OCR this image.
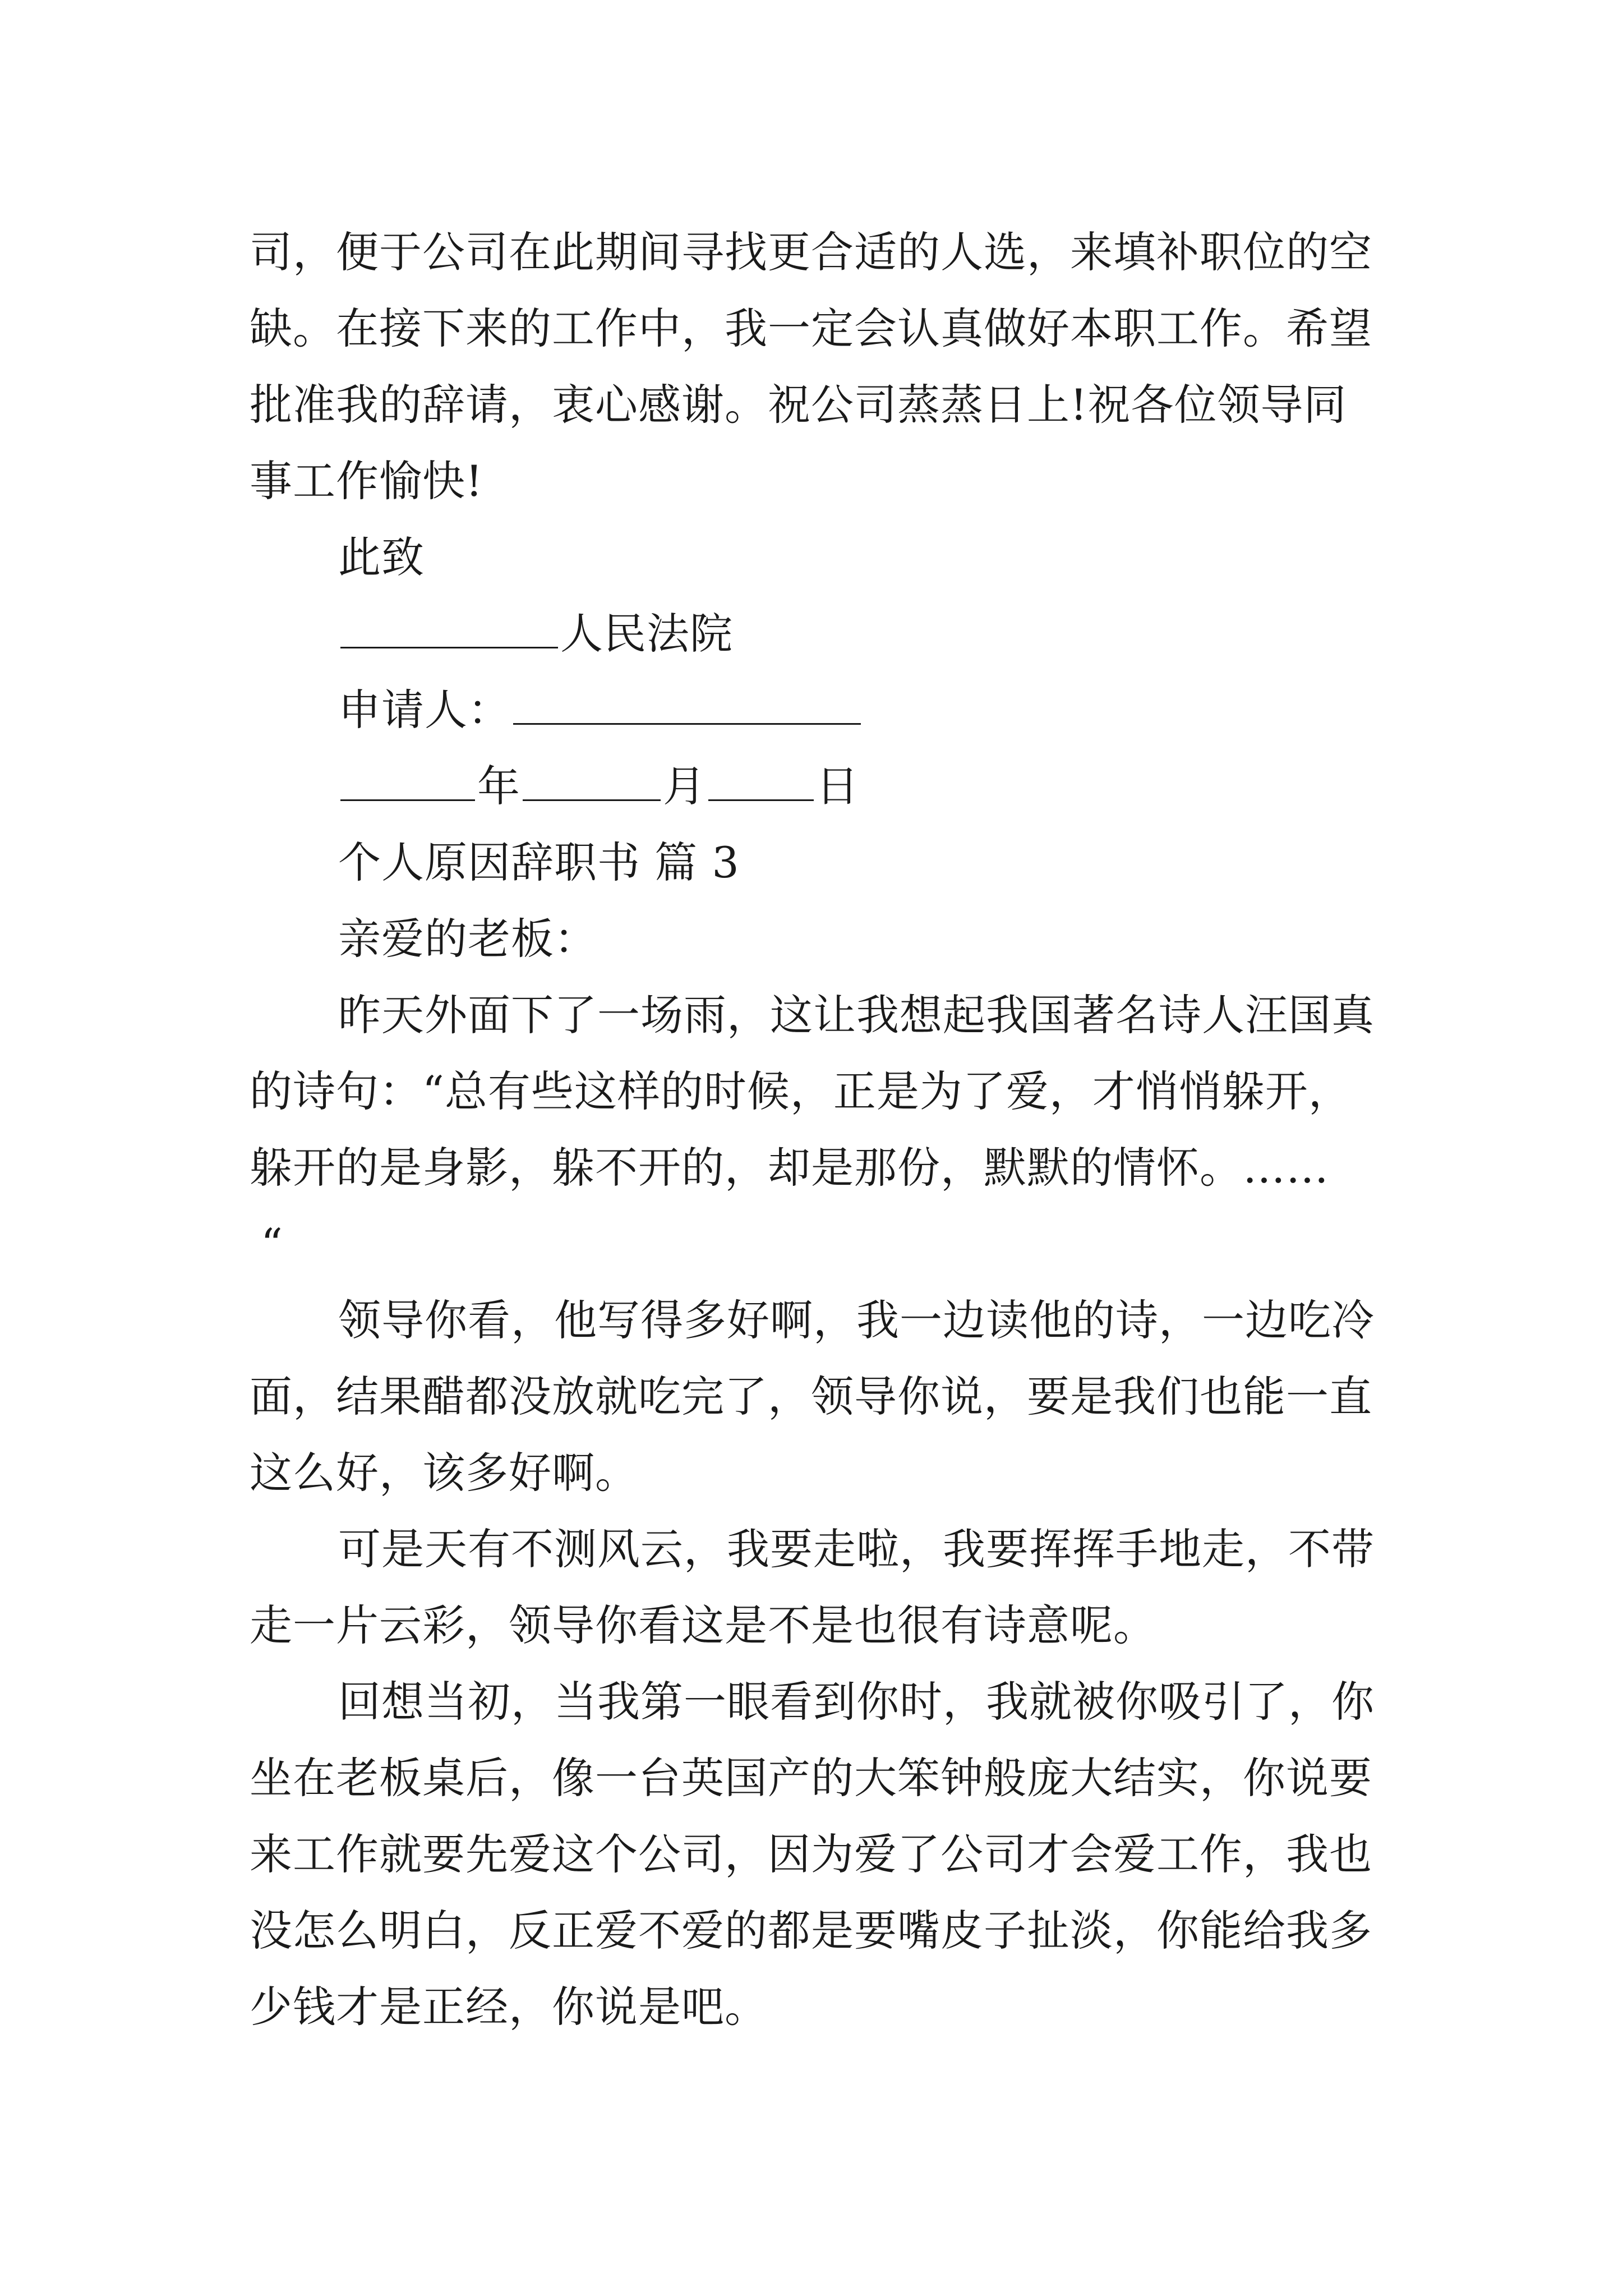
司，便于公司在此期间寻找更合适的人选，来填补职位的空
缺。在接下来的工作中，我一定会认真做好本职工作。希望
批准我的辞请，衷心感谢。祝公司蒸蒸日上!祝各位领导同
事工作愉快!
此致
人民法院
申请人：
年	月	日
个人原因辞职书 篇 3
亲爱的老板：
昨天外面下了一场雨，这让我想起我国著名诗人汪国真
的诗句：“总有些这样的时候，正是为了爱，才悄悄躲开，
躲开的是身影，躲不开的，却是那份，默默的情怀。……
“
领导你看，他写得多好啊，我一边读他的诗，一边吃冷
面，结果醋都没放就吃完了，领导你说，要是我们也能一直
这么好，该多好啊。
可是天有不测风云，我要走啦，我要挥挥手地走，不带
走一片云彩，领导你看这是不是也很有诗意呢。
回想当初，当我第一眼看到你时，我就被你吸引了，你
坐在老板桌后，像一台英国产的大笨钟般庞大结实，你说要
来工作就要先爱这个公司，因为爱了公司才会爱工作，我也
没怎么明白，反正爱不爱的都是要嘴皮子扯淡，你能给我多
少钱才是正经，你说是吧。
